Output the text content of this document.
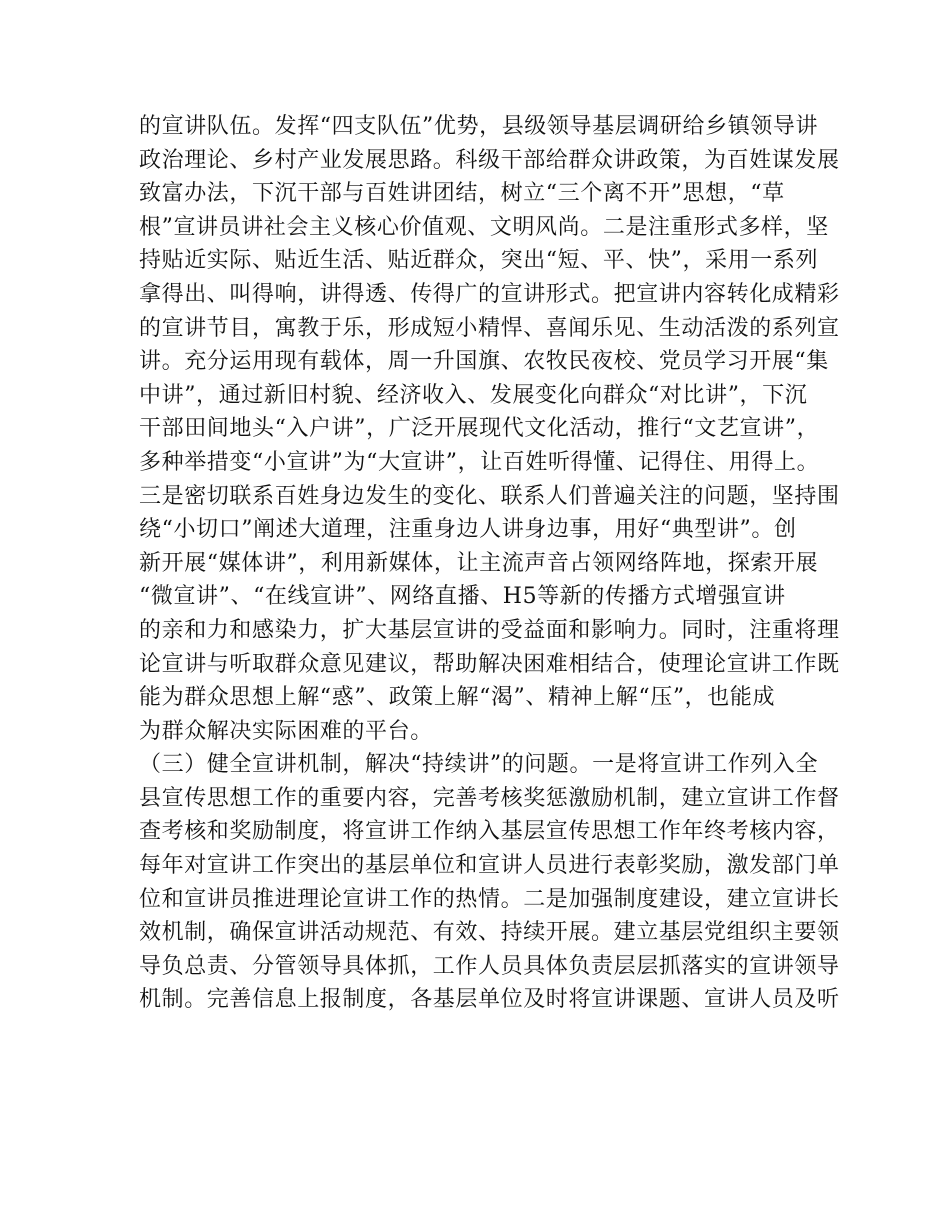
的宣讲队伍。发挥“四支队伍”优势，县级领导基层调研给乡镇领导讲
政治理论、乡村产业发展思路。科级干部给群众讲政策，为百姓谋发展
致富办法，下沉干部与百姓讲团结，树立“三个离不开”思想，“草
根”宣讲员讲社会主义核心价值观、文明风尚。二是注重形式多样，坚
持贴近实际、贴近生活、贴近群众，突出“短、平、快”，采用一系列
拿得出、叫得响，讲得透、传得广的宣讲形式。把宣讲内容转化成精彩
的宣讲节目，寓教于乐，形成短小精悍、喜闻乐见、生动活泼的系列宣
讲。充分运用现有载体，周一升国旗、农牧民夜校、党员学习开展“集
中讲”，通过新旧村貌、经济收入、发展变化向群众“对比讲”，下沉
干部田间地头“入户讲”，广泛开展现代文化活动，推行“文艺宣讲”，
多种举措变“小宣讲”为“大宣讲”，让百姓听得懂、记得住、用得上。
三是密切联系百姓身边发生的变化、联系人们普遍关注的问题，坚持围
绕“小切口”阐述大道理，注重身边人讲身边事，用好“典型讲”。创
新开展“媒体讲”，利用新媒体，让主流声音占领网络阵地，探索开展
“微宣讲”、“在线宣讲”、网络直播、H5等新的传播方式增强宣讲
的亲和力和感染力，扩大基层宣讲的受益面和影响力。同时，注重将理
论宣讲与听取群众意见建议，帮助解决困难相结合，使理论宣讲工作既
能为群众思想上解“惑”、政策上解“渴”、精神上解“压”，也能成
为群众解决实际困难的平台。
（三）健全宣讲机制，解决“持续讲”的问题。一是将宣讲工作列入全
县宣传思想工作的重要内容，完善考核奖惩激励机制，建立宣讲工作督
查考核和奖励制度，将宣讲工作纳入基层宣传思想工作年终考核内容，
每年对宣讲工作突出的基层单位和宣讲人员进行表彰奖励，激发部门单
位和宣讲员推进理论宣讲工作的热情。二是加强制度建设，建立宣讲长
效机制，确保宣讲活动规范、有效、持续开展。建立基层党组织主要领
导负总责、分管领导具体抓，工作人员具体负责层层抓落实的宣讲领导
机制。完善信息上报制度，各基层单位及时将宣讲课题、宣讲人员及听
